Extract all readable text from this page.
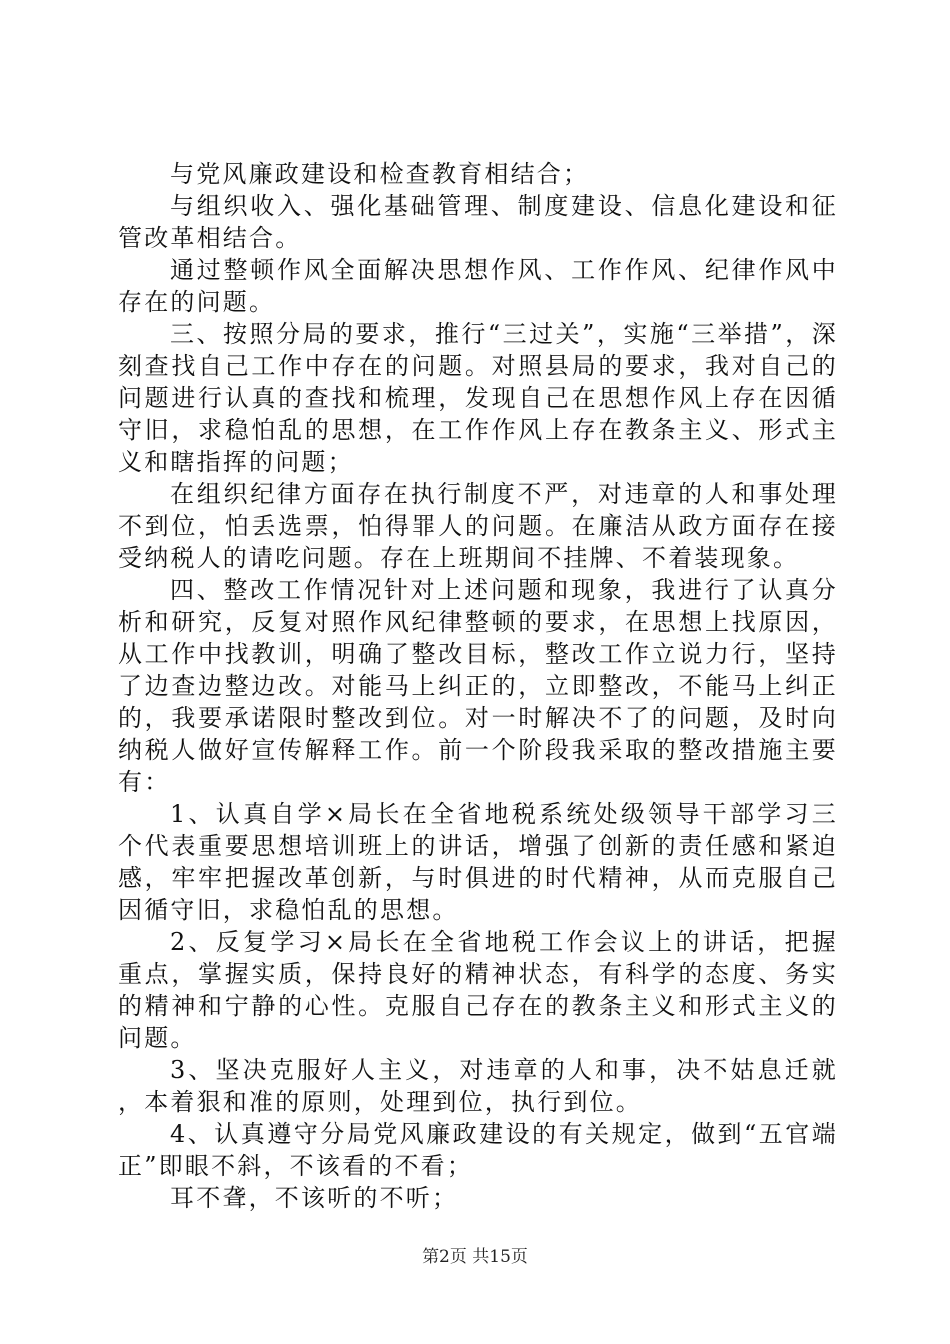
与党风廉政建设和检查教育相结合；

与组织收入、强化基础管理、制度建设、信息化建设和征管改革相结合。

通过整顿作风全面解决思想作风、工作作风、纪律作风中存在的问题。

三、按照分局的要求，推行“三过关”，实施“三举措”，深刻查找自己工作中存在的问题。对照县局的要求，我对自己的问题进行认真的查找和梳理，发现自己在思想作风上存在因循守旧，求稳怕乱的思想，在工作作风上存在教条主义、形式主义和瞎指挥的问题；

在组织纪律方面存在执行制度不严，对违章的人和事处理不到位，怕丢选票，怕得罪人的问题。在廉洁从政方面存在接受纳税人的请吃问题。存在上班期间不挂牌、不着装现象。

四、整改工作情况针对上述问题和现象，我进行了认真分析和研究，反复对照作风纪律整顿的要求，在思想上找原因，从工作中找教训，明确了整改目标，整改工作立说力行，坚持了边查边整边改。对能马上纠正的，立即整改，不能马上纠正的，我要承诺限时整改到位。对一时解决不了的问题，及时向纳税人做好宣传解释工作。前一个阶段我采取的整改措施主要有：

1、认真自学×局长在全省地税系统处级领导干部学习三个代表重要思想培训班上的讲话，增强了创新的责任感和紧迫感，牢牢把握改革创新，与时俱进的时代精神，从而克服自己因循守旧，求稳怕乱的思想。

2、反复学习×局长在全省地税工作会议上的讲话，把握重点，掌握实质，保持良好的精神状态，有科学的态度、务实的精神和宁静的心性。克服自己存在的教条主义和形式主义的问题。

3、坚决克服好人主义，对违章的人和事，决不姑息迁就，本着狠和准的原则，处理到位，执行到位。

4、认真遵守分局党风廉政建设的有关规定，做到“五官端正”即眼不斜，不该看的不看；

耳不聋，不该听的不听；

第2页 共15页
